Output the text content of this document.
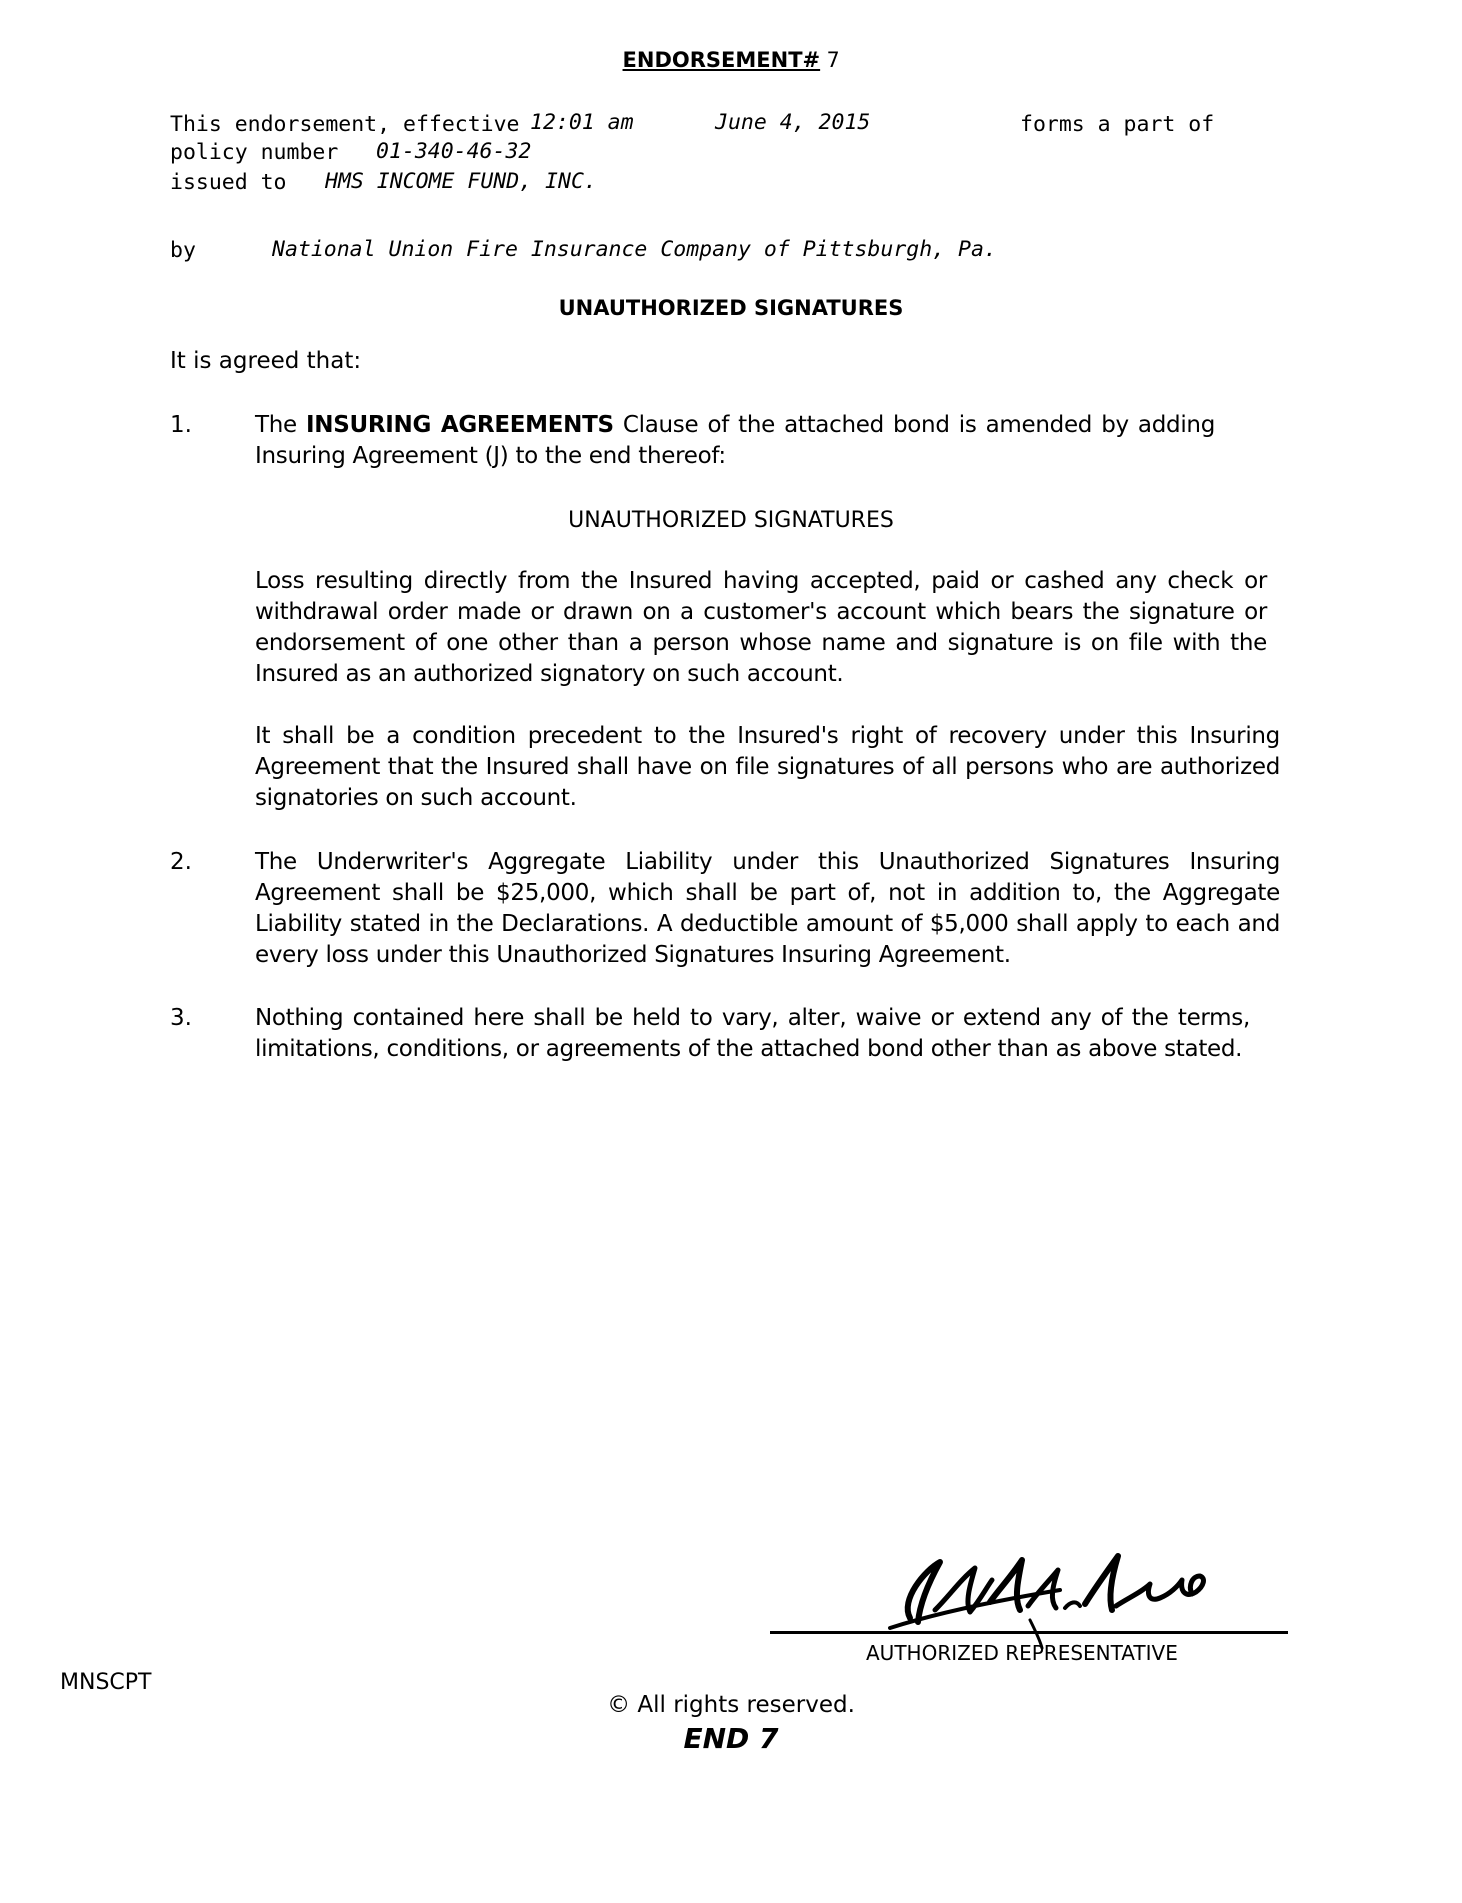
ENDORSEMENT# 7
This endorsement, effective 12:01 am	June 4, 2015	forms a part of
policy number 01-340-46-32
issued to HMS INCOME FUND, INC.
by	National Union Fire Insurance Company of Pittsburgh, Pa.
UNAUTHORIZED SIGNATURES
It is agreed that:
1.	The INSURING AGREEMENTS Clause of the attached bond is amended by adding Insuring Agreement (J) to the end thereof:
UNAUTHORIZED SIGNATURES
Loss resulting directly from the Insured having accepted, paid or cashed any check or withdrawal order made or drawn on a customer's account which bears the signature or endorsement of one other than a person whose name and signature is on file with the Insured as an authorized signatory on such account.
It shall be a condition precedent to the Insured's right of recovery under this Insuring Agreement that the Insured shall have on file signatures of all persons who are authorized signatories on such account.
2.	The Underwriter's Aggregate Liability under this Unauthorized Signatures Insuring Agreement shall be $25,000, which shall be part of, not in addition to, the Aggregate Liability stated in the Declarations. A deductible amount of $5,000 shall apply to each and every loss under this Unauthorized Signatures Insuring Agreement.
3.	Nothing contained here shall be held to vary, alter, waive or extend any of the terms, limitations, conditions, or agreements of the attached bond other than as above stated.
AUTHORIZED REPRESENTATIVE
MNSCPT
© All rights reserved.
END 7
